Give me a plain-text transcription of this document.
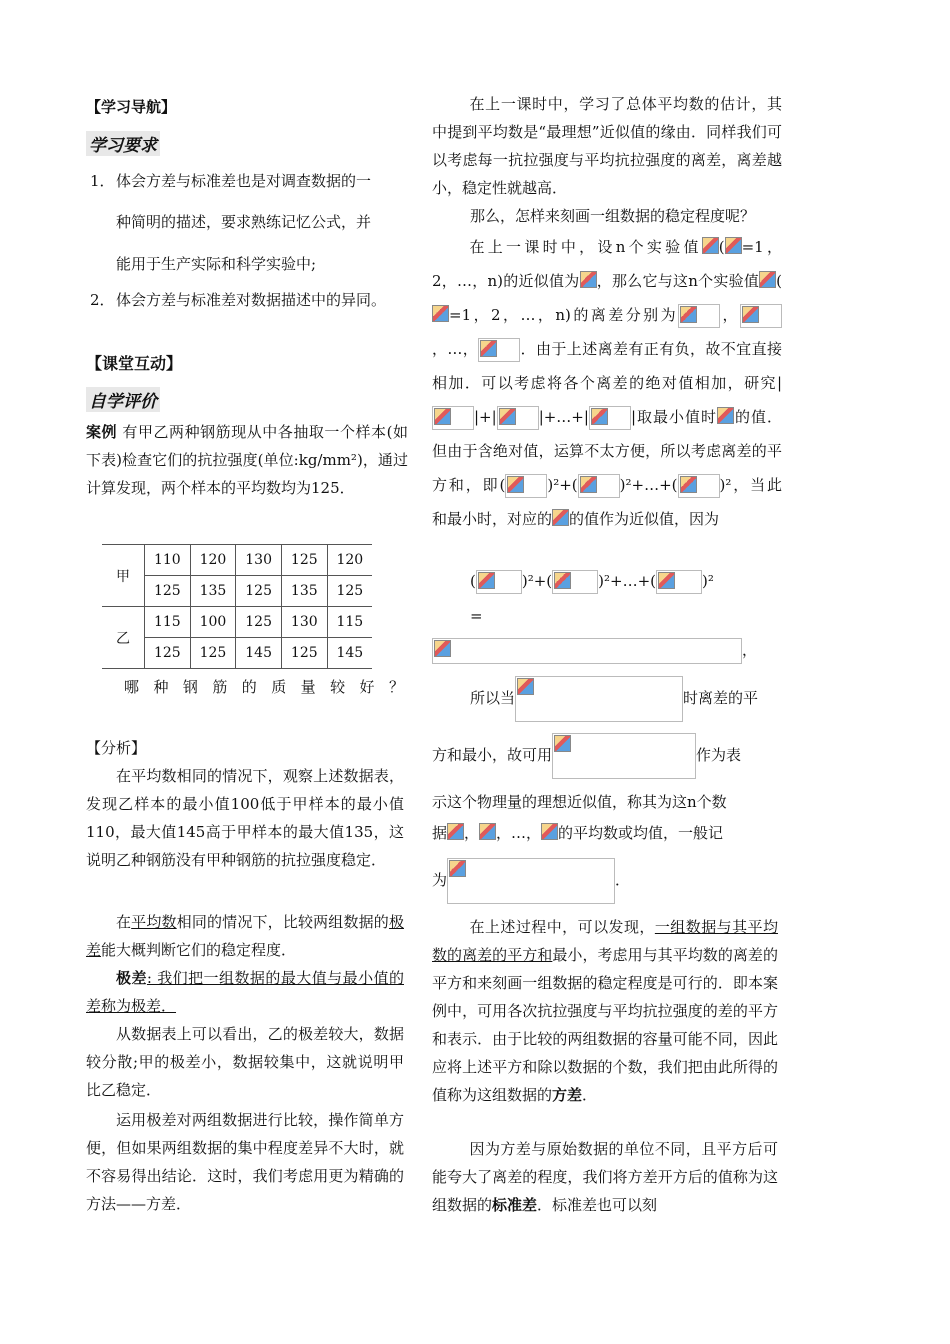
【学习导航】
学习要求
1． 体会方差与标准差也是对调查数据的一
种简明的描述，要求熟练记忆公式，并
能用于生产实际和科学实验中;
2． 体会方差与标准差对数据描述中的异同。
【课堂互动】
自学评价
案例 有甲乙两种钢筋现从中各抽取一个样本(如下表)检查它们的抗拉强度(单位:kg/mm²)，通过计算发现，两个样本的平均数均为125．
甲	110	120	130	125	120
	125	135	125	135	125
乙	115	100	125	130	115
	125	125	145	125	145
哪 种 钢 筋 的 质 量 较 好 ？
【分析】
在平均数相同的情况下，观察上述数据表，发现乙样本的最小值100低于甲样本的最小值110，最大值145高于甲样本的最大值135，这说明乙种钢筋没有甲种钢筋的抗拉强度稳定．
在平均数相同的情况下，比较两组数据的极差能大概判断它们的稳定程度．
极差: 我们把一组数据的最大值与最小值的差称为极差．
从数据表上可以看出，乙的极差较大，数据较分散;甲的极差小，数据较集中，这就说明甲比乙稳定．
运用极差对两组数据进行比较，操作简单方便，但如果两组数据的集中程度差异不大时，就不容易得出结论．这时，我们考虑用更为精确的方法——方差．
在上一课时中，学习了总体平均数的估计，其中提到平均数是“最理想”近似值的缘由．同样我们可以考虑每一抗拉强度与平均抗拉强度的离差，离差越小，稳定性就越高．
那么，怎样来刻画一组数据的稳定程度呢？
在上一课时中，设n个实验值 ( =1，2，…，n)的近似值为 ，那么它与这n个实验值 (=1，2，…，n)的离差分别为	，
，…，	．由于上述离差有正有负，故不宜直接相加．可以考虑将各个离差的绝对值相加，研究|
|+|	|+…+|	|取最小值时 的值．但由于含绝对值，运算不太方便，所以考虑离差的平方和，即(	)²+(	)²+…+(	)²，当此和最小时，对应的 的值作为近似值，因为
(	)²+(	)²+…+(	)²
=
，
所以当	时离差的平
方和最小，故可用	作为表
示这个物理量的理想近似值，称其为这n个数
据 ， ，…， 的平均数或均值，一般记
为	．
在上述过程中，可以发现，一组数据与其平均数的离差的平方和最小，考虑用与其平均数的离差的平方和来刻画一组数据的稳定程度是可行的．即本案例中，可用各次抗拉强度与平均抗拉强度的差的平方和表示．由于比较的两组数据的容量可能不同，因此应将上述平方和除以数据的个数，我们把由此所得的值称为这组数据的方差．
因为方差与原始数据的单位不同，且平方后可能夸大了离差的程度，我们将方差开方后的值称为这组数据的标准差．标准差也可以刻
